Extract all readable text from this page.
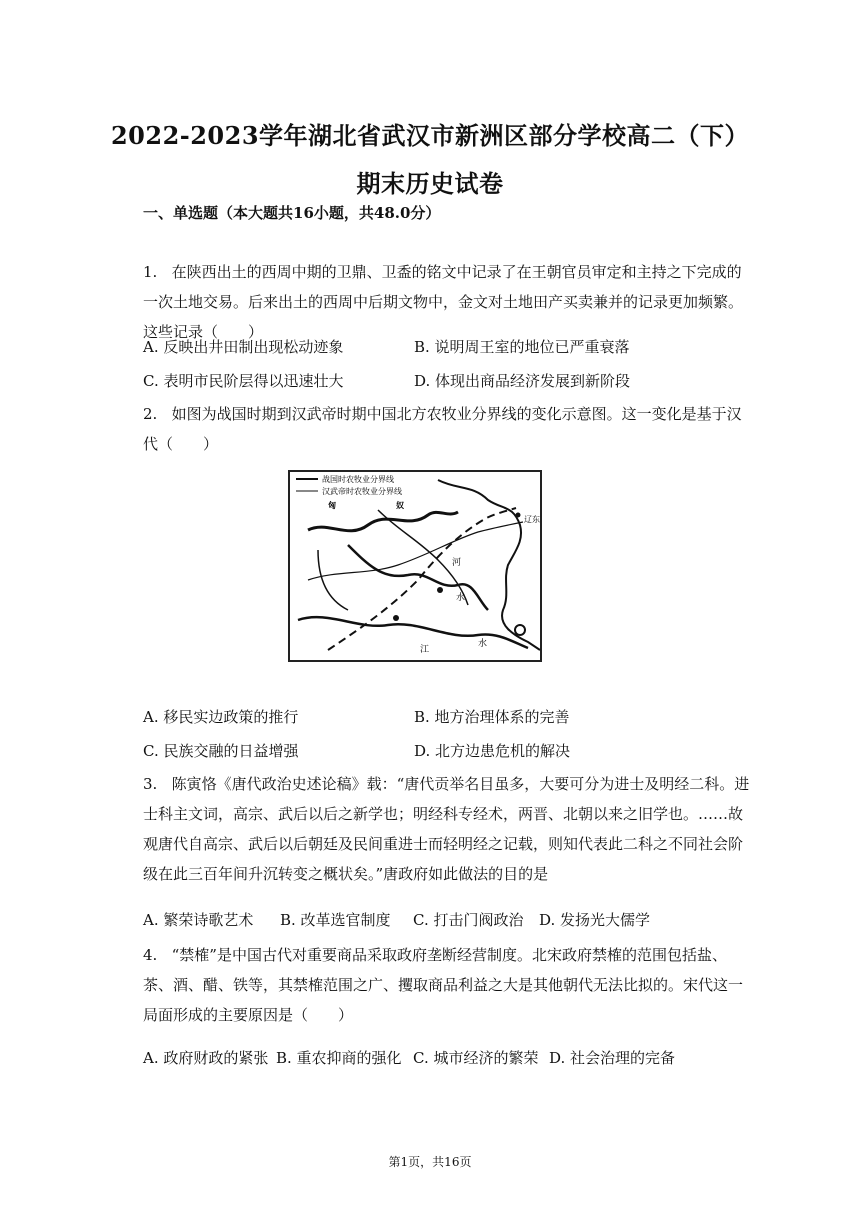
2022-2023学年湖北省武汉市新洲区部分学校高二（下）期末历史试卷
一、单选题（本大题共16小题，共48.0分）
1.   在陕西出土的西周中期的卫鼎、卫盉的铭文中记录了在王朝官员审定和主持之下完成的一次土地交易。后来出土的西周中后期文物中，金文对土地田产买卖兼并的记录更加频繁。这些记录（　　）
A. 反映出井田制出现松动迹象	B. 说明周王室的地位已严重衰落
C. 表明市民阶层得以迅速壮大	D. 体现出商品经济发展到新阶段
2.   如图为战国时期到汉武帝时期中国北方农牧业分界线的变化示意图。这一变化是基于汉代（　　）
战国时农牧业分界线
汉武帝时农牧业分界线
匈	奴
辽东
河
水
江
水
A. 移民实边政策的推行	B. 地方治理体系的完善
C. 民族交融的日益增强	D. 北方边患危机的解决
3.   陈寅恪《唐代政治史述论稿》载：“唐代贡举名目虽多，大要可分为进士及明经二科。进士科主文词，高宗、武后以后之新学也；明经科专经术，两晋、北朝以来之旧学也。……故观唐代自高宗、武后以后朝廷及民间重进士而轻明经之记载，则知代表此二科之不同社会阶级在此三百年间升沉转变之概状矣。”唐政府如此做法的目的是
A. 繁荣诗歌艺术 B. 改革选官制度 C. 打击门阀政治 D. 发扬光大儒学
4.   “禁榷”是中国古代对重要商品采取政府垄断经营制度。北宋政府禁榷的范围包括盐、茶、酒、醋、铁等，其禁榷范围之广、攫取商品利益之大是其他朝代无法比拟的。宋代这一局面形成的主要原因是（　　）
A. 政府财政的紧张 B. 重农抑商的强化 C. 城市经济的繁荣 D. 社会治理的完备
第1页，共16页
